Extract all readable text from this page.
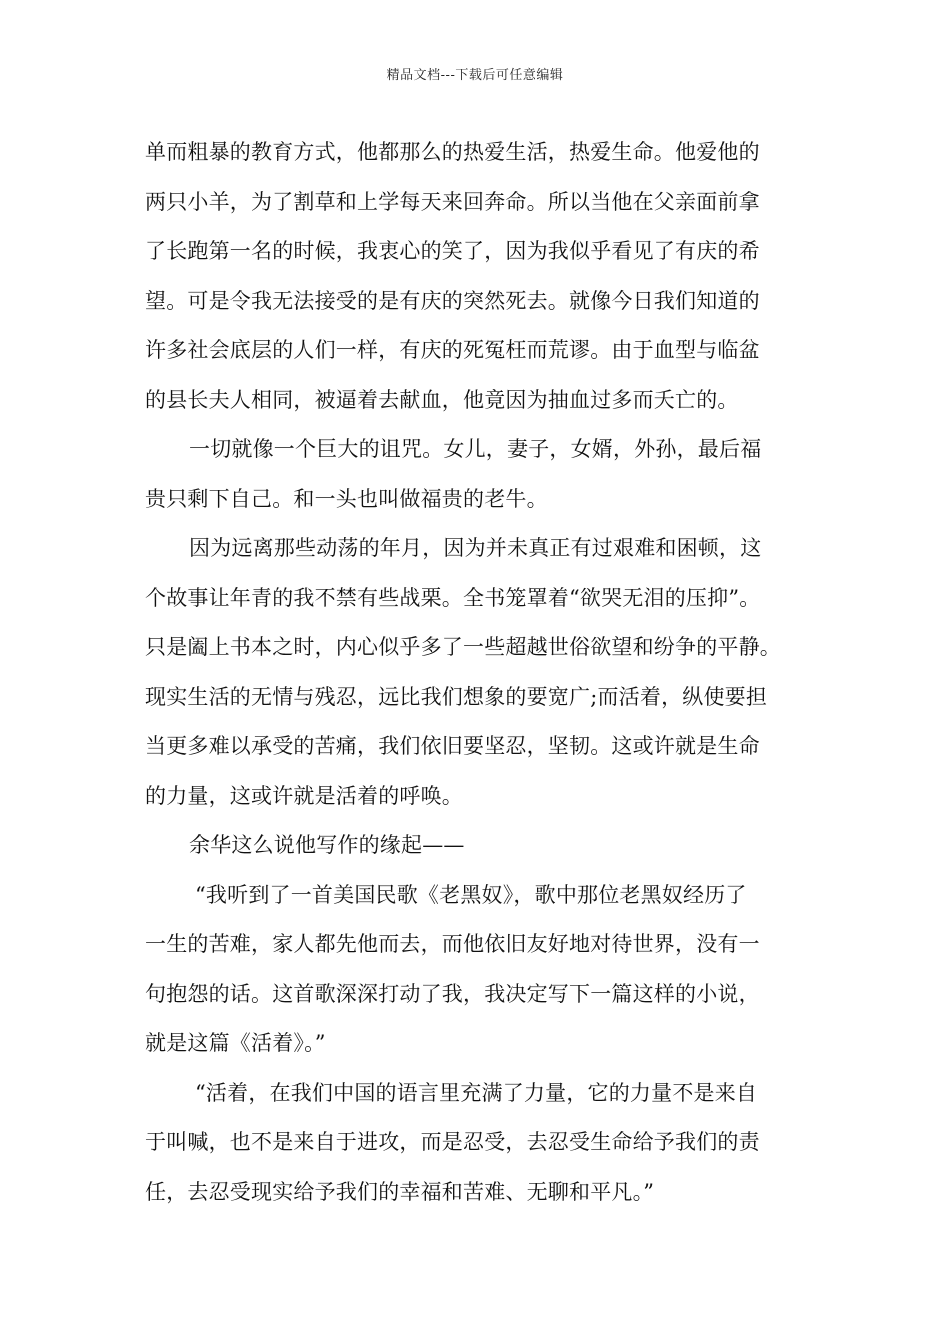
精品文档---下载后可任意编辑
单而粗暴的教育方式，他都那么的热爱生活，热爱生命。他爱他的
两只小羊，为了割草和上学每天来回奔命。所以当他在父亲面前拿
了长跑第一名的时候，我衷心的笑了，因为我似乎看见了有庆的希
望。可是令我无法接受的是有庆的突然死去。就像今日我们知道的
许多社会底层的人们一样，有庆的死冤枉而荒谬。由于血型与临盆
的县长夫人相同，被逼着去献血，他竟因为抽血过多而夭亡的。
一切就像一个巨大的诅咒。女儿，妻子，女婿，外孙，最后福
贵只剩下自己。和一头也叫做福贵的老牛。
因为远离那些动荡的年月，因为并未真正有过艰难和困顿，这
个故事让年青的我不禁有些战栗。全书笼罩着“欲哭无泪的压抑”。
只是阖上书本之时，内心似乎多了一些超越世俗欲望和纷争的平静。
现实生活的无情与残忍，远比我们想象的要宽广;而活着，纵使要担
当更多难以承受的苦痛，我们依旧要坚忍，坚韧。这或许就是生命
的力量，这或许就是活着的呼唤。
余华这么说他写作的缘起——
“我听到了一首美国民歌《老黑奴》，歌中那位老黑奴经历了
一生的苦难，家人都先他而去，而他依旧友好地对待世界，没有一
句抱怨的话。这首歌深深打动了我，我决定写下一篇这样的小说，
就是这篇《活着》。”
“活着，在我们中国的语言里充满了力量，它的力量不是来自
于叫喊，也不是来自于进攻，而是忍受，去忍受生命给予我们的责
任，去忍受现实给予我们的幸福和苦难、无聊和平凡。”
